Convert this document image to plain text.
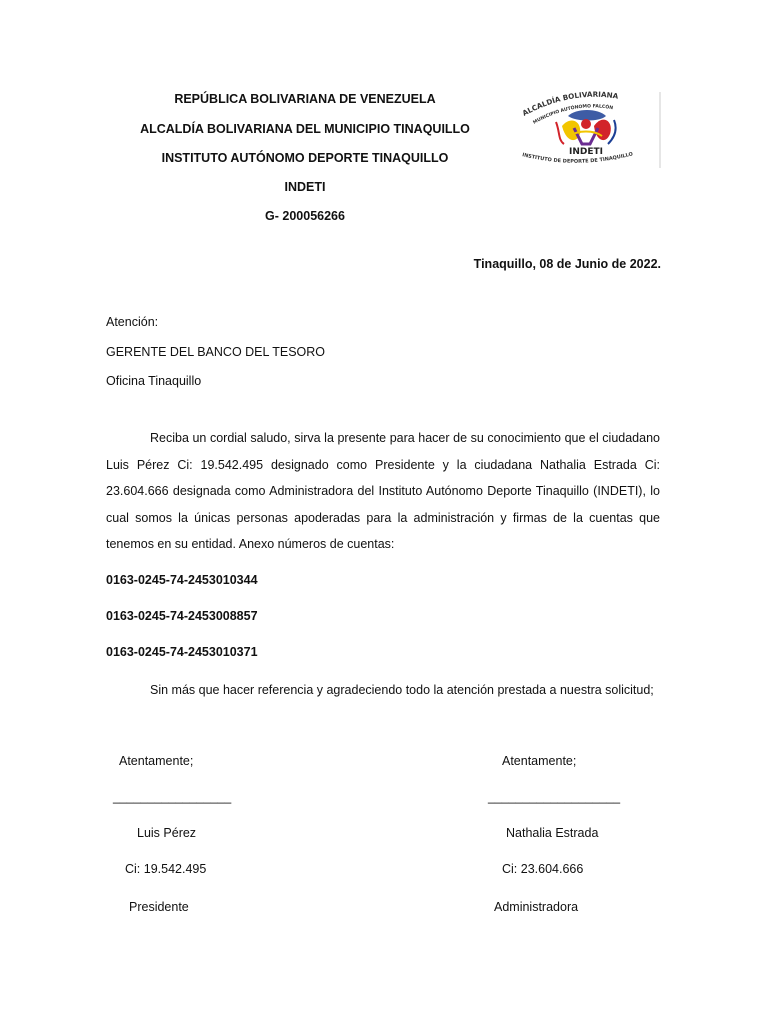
REPÚBLICA BOLIVARIANA DE VENEZUELA
ALCALDÍA BOLIVARIANA DEL MUNICIPIO TINAQUILLO
INSTITUTO AUTÓNOMO DEPORTE TINAQUILLO
INDETI
G- 200056266
ALCALDÍA BOLIVARIANA
MUNICIPIO AUTÓNOMO FALCÓN
INDETI
INSTITUTO DE DEPORTE DE TINAQUILLO
Tinaquillo, 08 de Junio de 2022.
Atención:
GERENTE DEL BANCO DEL TESORO
Oficina Tinaquillo
Reciba un cordial saludo, sirva la presente para hacer de su conocimiento que el ciudadano Luis Pérez Ci: 19.542.495 designado como Presidente y la ciudadana Nathalia Estrada Ci: 23.604.666 designada como Administradora del Instituto Autónomo Deporte Tinaquillo (INDETI), lo cual somos la únicas personas apoderadas para la administración y firmas de la cuentas que tenemos en su entidad. Anexo números de cuentas:
0163-0245-74-2453010344
0163-0245-74-2453008857
0163-0245-74-2453010371
Sin más que hacer referencia y agradeciendo todo la atención prestada a nuestra solicitud;
Atentamente;
_________________
Luis Pérez
Ci: 19.542.495
Presidente
Atentamente;
___________________
Nathalia Estrada
Ci: 23.604.666
Administradora
